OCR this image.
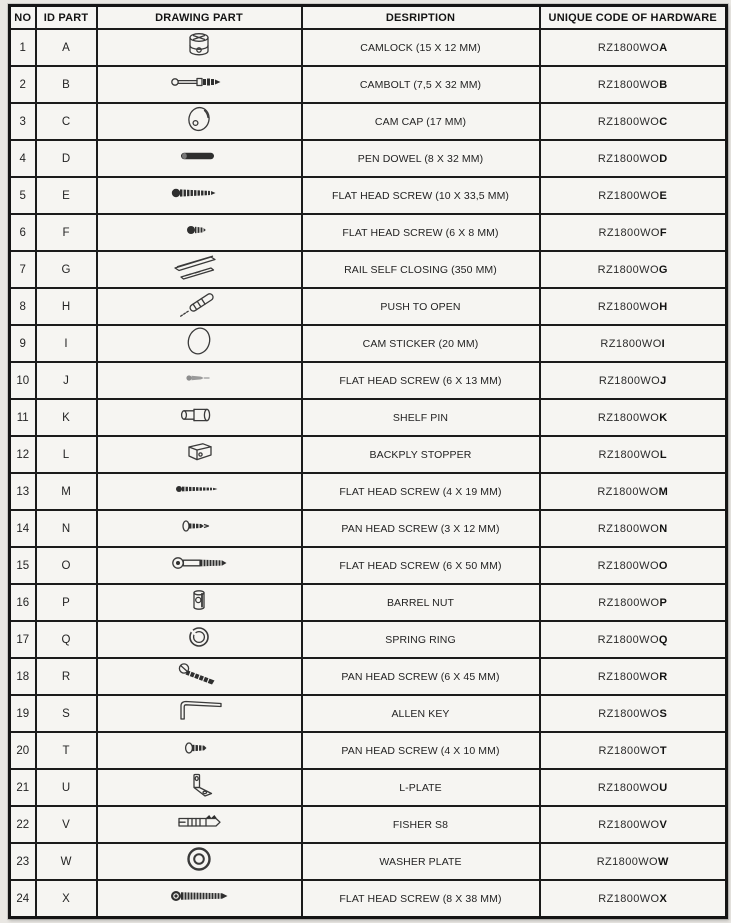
NO	ID PART	DRAWING PART	DESRIPTION	UNIQUE CODE OF HARDWARE
1	A		CAMLOCK (15 X 12 MM)	RZ1800WOA
2	B		CAMBOLT (7,5 X 32 MM)	RZ1800WOB
3	C		CAM CAP (17 MM)	RZ1800WOC
4	D		PEN DOWEL (8 X 32 MM)	RZ1800WOD
5	E		FLAT HEAD SCREW (10 X 33,5 MM)	RZ1800WOE
6	F		FLAT HEAD SCREW (6 X 8 MM)	RZ1800WOF
7	G		RAIL SELF CLOSING (350 MM)	RZ1800WOG
8	H		PUSH TO OPEN	RZ1800WOH
9	I		CAM STICKER (20 MM)	RZ1800WOI
10	J		FLAT HEAD SCREW (6 X 13 MM)	RZ1800WOJ
11	K		SHELF PIN	RZ1800WOK
12	L		BACKPLY STOPPER	RZ1800WOL
13	M		FLAT HEAD SCREW (4 X 19 MM)	RZ1800WOM
14	N		PAN HEAD SCREW (3 X 12 MM)	RZ1800WON
15	O		FLAT HEAD SCREW (6 X 50 MM)	RZ1800WOO
16	P		BARREL NUT	RZ1800WOP
17	Q		SPRING RING	RZ1800WOQ
18	R		PAN HEAD SCREW (6 X 45 MM)	RZ1800WOR
19	S		ALLEN KEY	RZ1800WOS
20	T		PAN HEAD SCREW (4 X 10 MM)	RZ1800WOT
21	U		L-PLATE	RZ1800WOU
22	V		FISHER S8	RZ1800WOV
23	W		WASHER PLATE	RZ1800WOW
24	X		FLAT HEAD SCREW (8 X 38 MM)	RZ1800WOX
